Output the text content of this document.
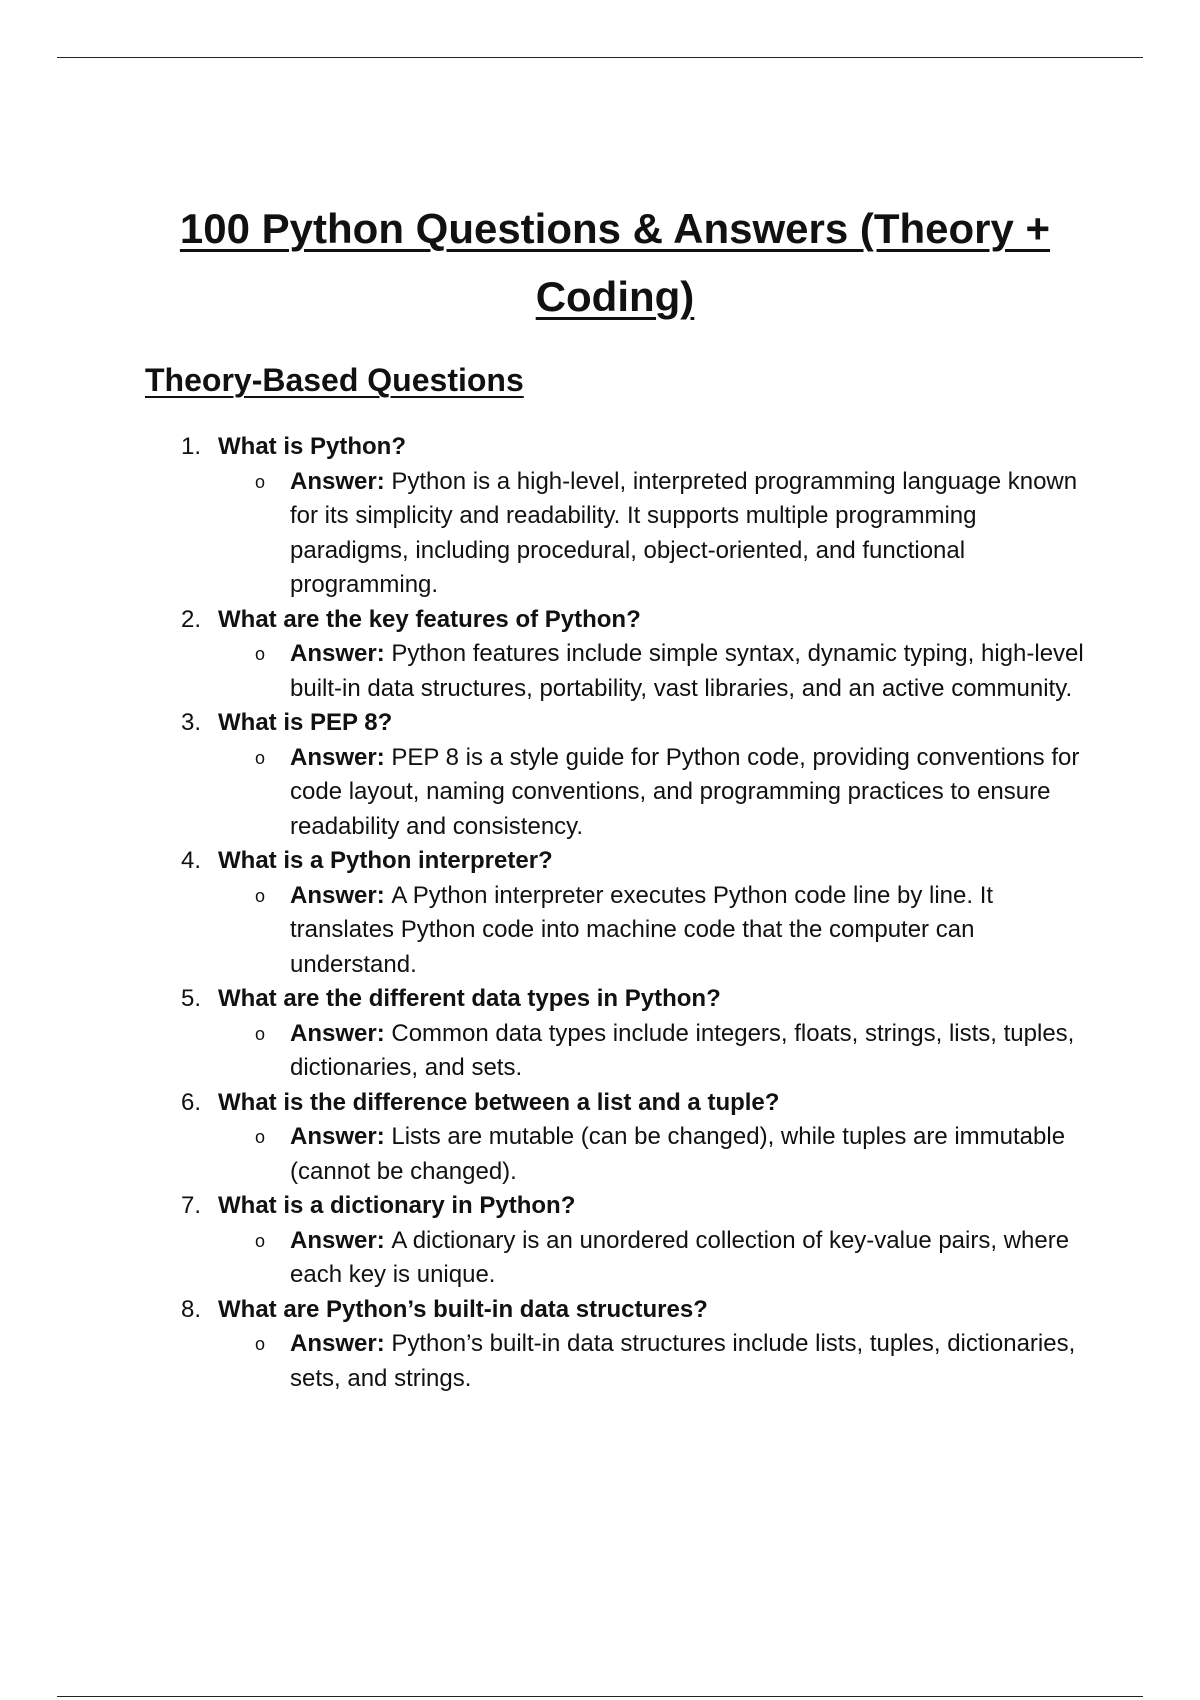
100 Python Questions & Answers (Theory + Coding)
Theory-Based Questions
1. What is Python?
o Answer: Python is a high-level, interpreted programming language known for its simplicity and readability. It supports multiple programming paradigms, including procedural, object-oriented, and functional programming.
2. What are the key features of Python?
o Answer: Python features include simple syntax, dynamic typing, high-level built-in data structures, portability, vast libraries, and an active community.
3. What is PEP 8?
o Answer: PEP 8 is a style guide for Python code, providing conventions for code layout, naming conventions, and programming practices to ensure readability and consistency.
4. What is a Python interpreter?
o Answer: A Python interpreter executes Python code line by line. It translates Python code into machine code that the computer can understand.
5. What are the different data types in Python?
o Answer: Common data types include integers, floats, strings, lists, tuples, dictionaries, and sets.
6. What is the difference between a list and a tuple?
o Answer: Lists are mutable (can be changed), while tuples are immutable (cannot be changed).
7. What is a dictionary in Python?
o Answer: A dictionary is an unordered collection of key-value pairs, where each key is unique.
8. What are Python’s built-in data structures?
o Answer: Python’s built-in data structures include lists, tuples, dictionaries, sets, and strings.
